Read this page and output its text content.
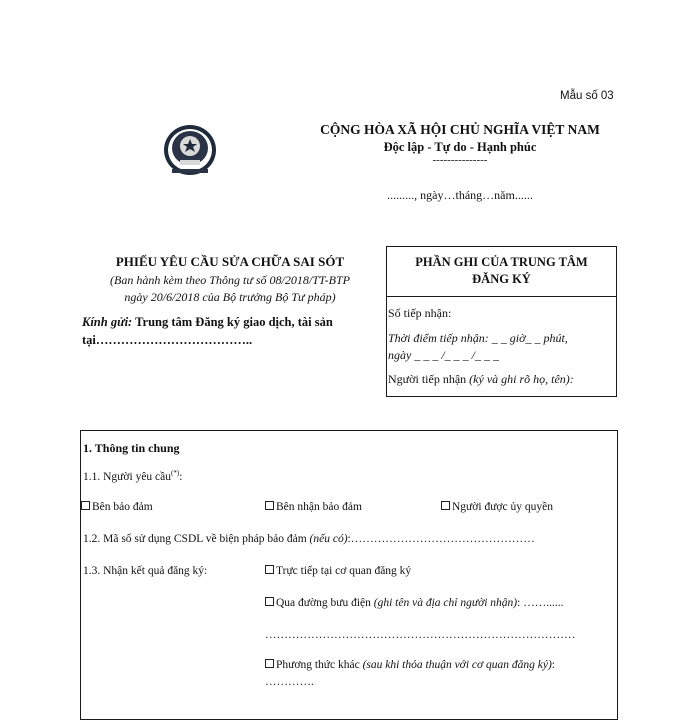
Mẫu số 03
CỘNG HÒA XÃ HỘI CHỦ NGHĨA VIỆT NAM
Độc lập - Tự do - Hạnh phúc
---------------
........., ngày…tháng…năm......
PHIẾU YÊU CẦU SỬA CHỮA SAI SÓT
(Ban hành kèm theo Thông tư số 08/2018/TT-BTP
ngày 20/6/2018 của Bộ trưởng Bộ Tư pháp)
Kính gửi: Trung tâm Đăng ký giao dịch, tài sản
tại………………………………..
PHẦN GHI CỦA TRUNG TÂM
ĐĂNG KÝ
Số tiếp nhận:
Thời điểm tiếp nhận: _ _ giờ_ _ phút,
ngày _ _ _ /_ _ _ /_ _ _
Người tiếp nhận (ký và ghi rõ họ, tên):
1. Thông tin chung
1.1. Người yêu cầu(*):
Bên bảo đảm	Bên nhận bảo đảm	Người được ủy quyền
1.2. Mã số sử dụng CSDL về biện pháp bảo đảm (nếu có):…………………………………………
1.3. Nhận kết quả đăng ký:	Trực tiếp tại cơ quan đăng ký
Qua đường bưu điện (ghi tên và địa chỉ người nhận): ……......
………………………………………………………………………
Phương thức khác (sau khi thỏa thuận với cơ quan đăng ký):
………….
